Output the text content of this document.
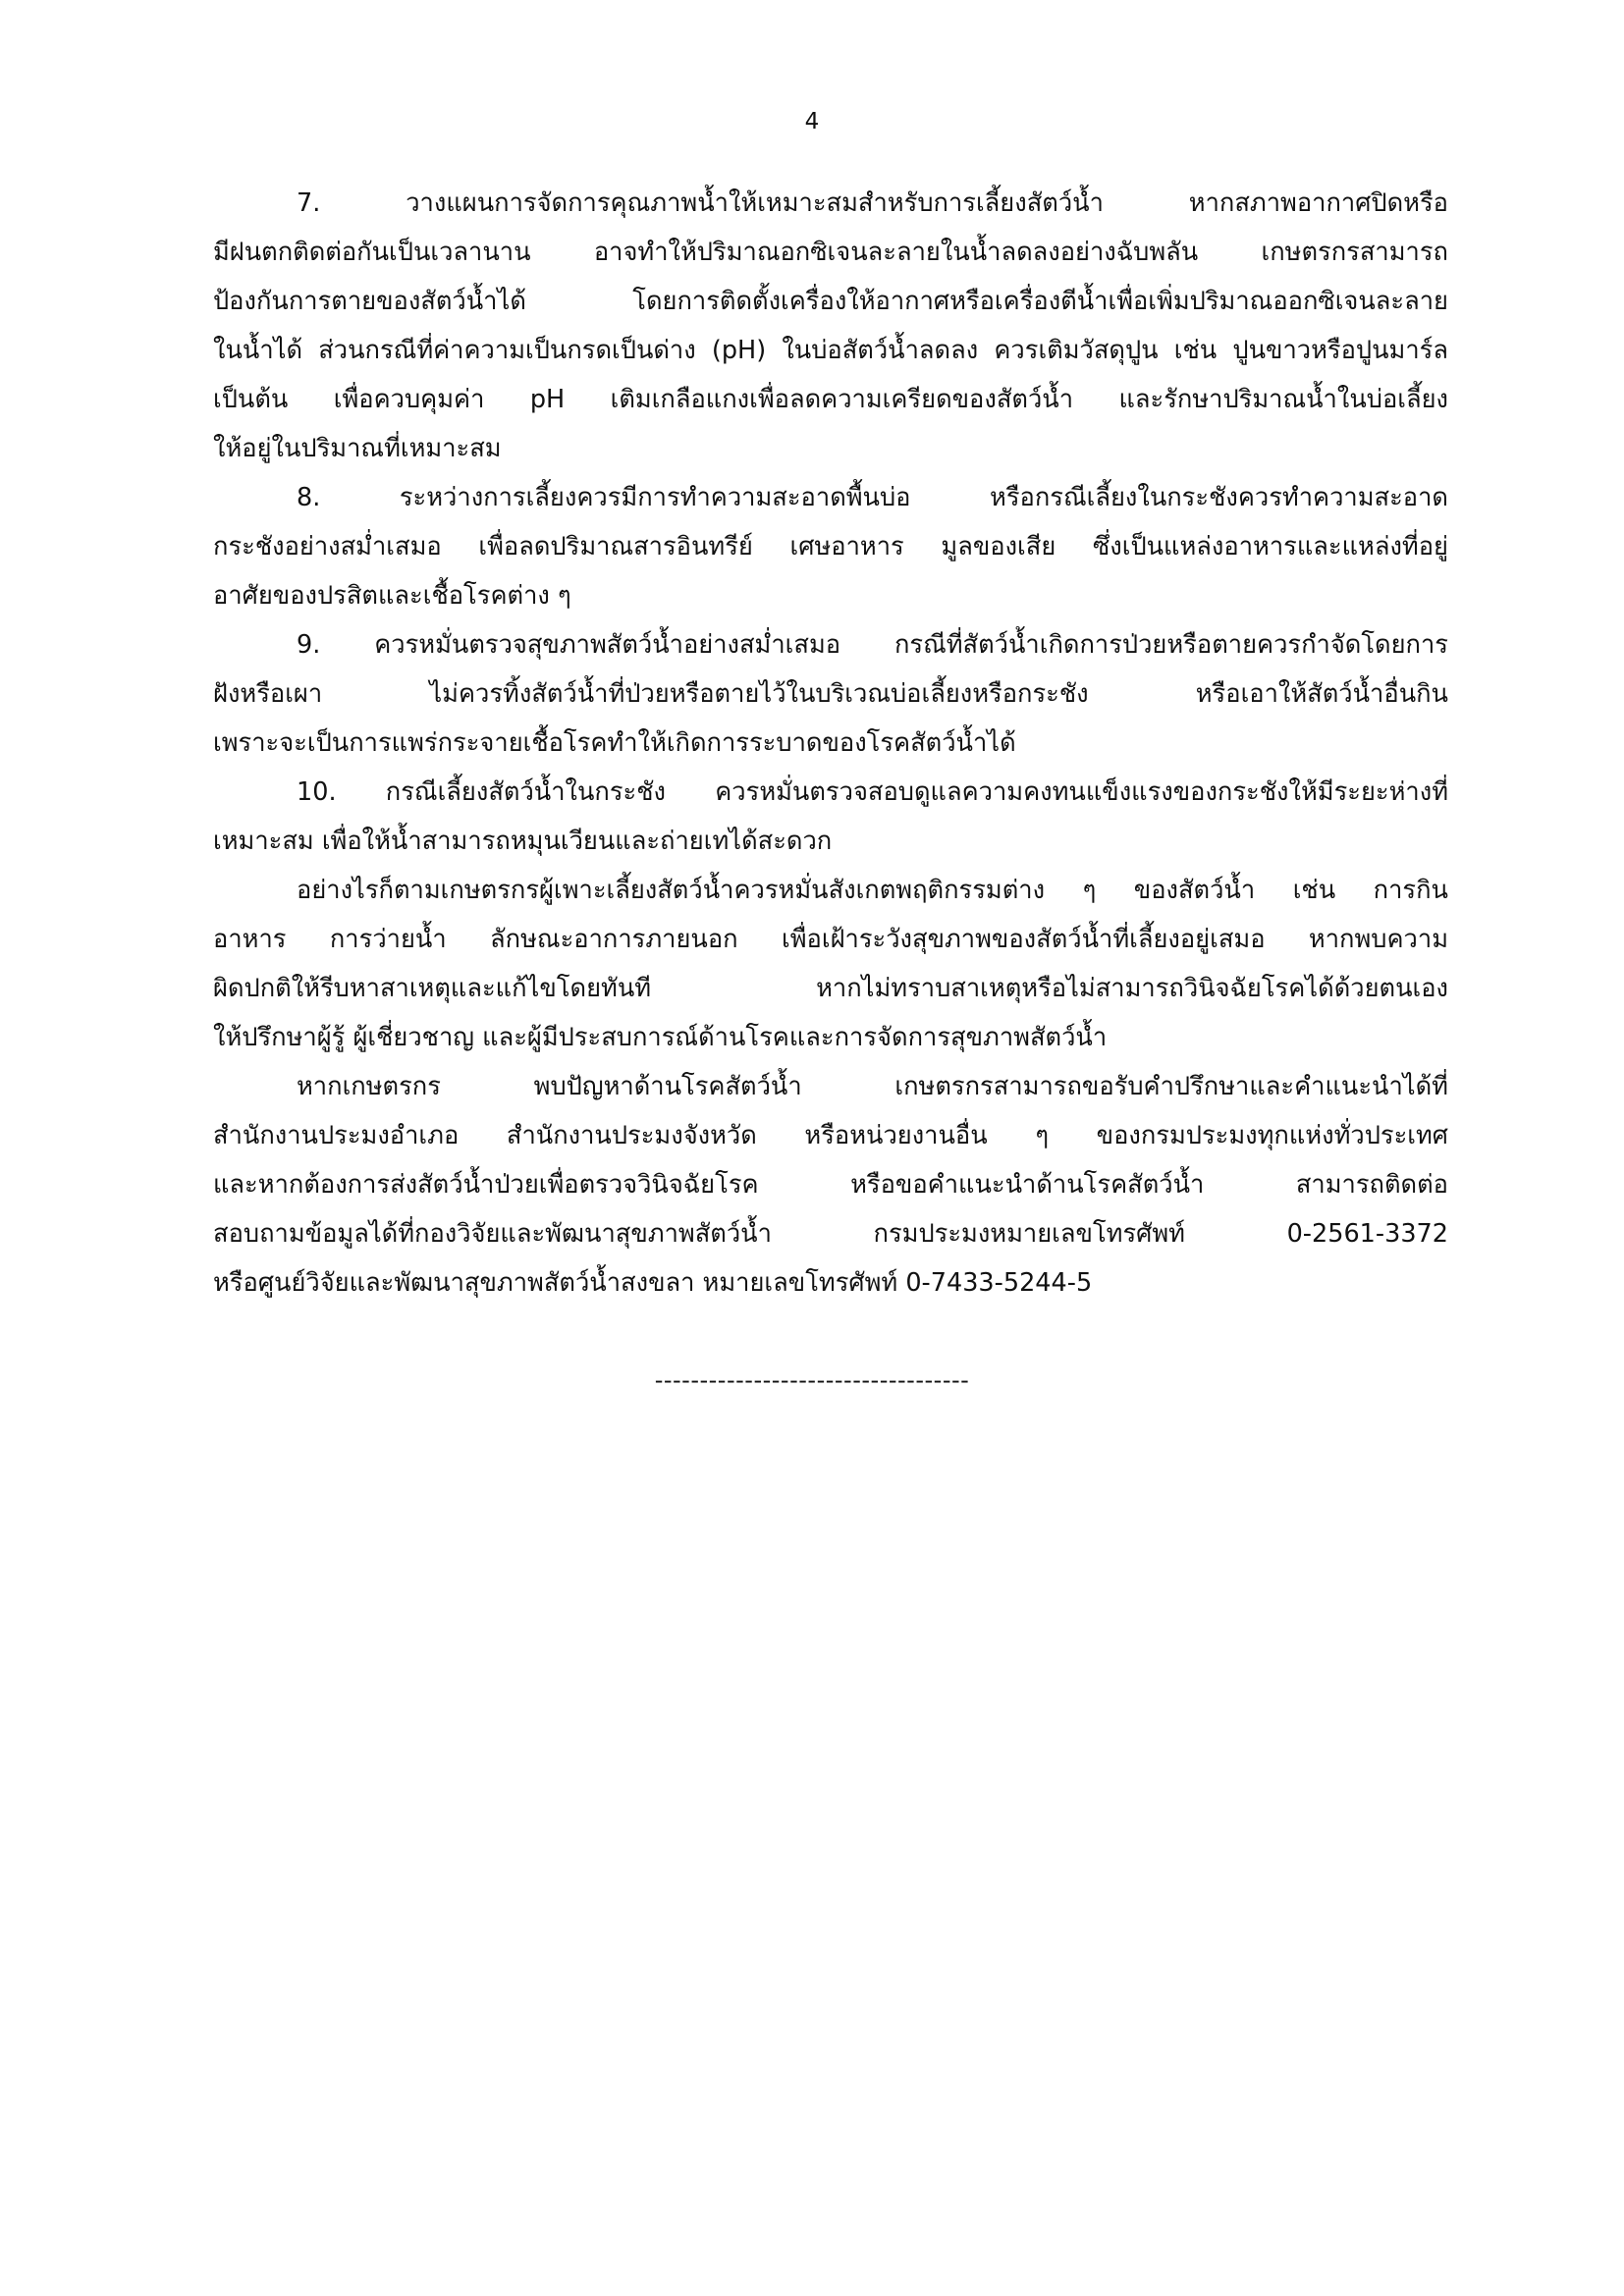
4
7. วางแผนการจัดการคุณภาพน้ำให้เหมาะสมสำหรับการเลี้ยงสัตว์น้ำ หากสภาพอากาศปิดหรือ
มีฝนตกติดต่อกันเป็นเวลานาน อาจทำให้ปริมาณอกซิเจนละลายในน้ำลดลงอย่างฉับพลัน เกษตรกรสามารถ
ป้องกันการตายของสัตว์น้ำได้ โดยการติดตั้งเครื่องให้อากาศหรือเครื่องตีน้ำเพื่อเพิ่มปริมาณออกซิเจนละลาย
ในน้ำได้ ส่วนกรณีที่ค่าความเป็นกรดเป็นด่าง (pH) ในบ่อสัตว์น้ำลดลง ควรเติมวัสดุปูน เช่น ปูนขาวหรือปูนมาร์ล
เป็นต้น เพื่อควบคุมค่า pH เติมเกลือแกงเพื่อลดความเครียดของสัตว์น้ำ และรักษาปริมาณน้ำในบ่อเลี้ยง
ให้อยู่ในปริมาณที่เหมาะสม
8. ระหว่างการเลี้ยงควรมีการทำความสะอาดพื้นบ่อ หรือกรณีเลี้ยงในกระชังควรทำความสะอาด
กระชังอย่างสม่ำเสมอ เพื่อลดปริมาณสารอินทรีย์ เศษอาหาร มูลของเสีย ซึ่งเป็นแหล่งอาหารและแหล่งที่อยู่
อาศัยของปรสิตและเชื้อโรคต่าง ๆ
9. ควรหมั่นตรวจสุขภาพสัตว์น้ำอย่างสม่ำเสมอ กรณีที่สัตว์น้ำเกิดการป่วยหรือตายควรกำจัดโดยการ
ฝังหรือเผา ไม่ควรทิ้งสัตว์น้ำที่ป่วยหรือตายไว้ในบริเวณบ่อเลี้ยงหรือกระชัง หรือเอาให้สัตว์น้ำอื่นกิน
เพราะจะเป็นการแพร่กระจายเชื้อโรคทำให้เกิดการระบาดของโรคสัตว์น้ำได้
10. กรณีเลี้ยงสัตว์น้ำในกระชัง ควรหมั่นตรวจสอบดูแลความคงทนแข็งแรงของกระชังให้มีระยะห่างที่
เหมาะสม เพื่อให้น้ำสามารถหมุนเวียนและถ่ายเทได้สะดวก
อย่างไรก็ตามเกษตรกรผู้เพาะเลี้ยงสัตว์น้ำควรหมั่นสังเกตพฤติกรรมต่าง ๆ ของสัตว์น้ำ เช่น การกิน
อาหาร การว่ายน้ำ ลักษณะอาการภายนอก เพื่อเฝ้าระวังสุขภาพของสัตว์น้ำที่เลี้ยงอยู่เสมอ หากพบความ
ผิดปกติให้รีบหาสาเหตุและแก้ไขโดยทันที หากไม่ทราบสาเหตุหรือไม่สามารถวินิจฉัยโรคได้ด้วยตนเอง
ให้ปรึกษาผู้รู้ ผู้เชี่ยวชาญ และผู้มีประสบการณ์ด้านโรคและการจัดการสุขภาพสัตว์น้ำ
หากเกษตรกร พบปัญหาด้านโรคสัตว์น้ำ เกษตรกรสามารถขอรับคำปรึกษาและคำแนะนำได้ที่
สำนักงานประมงอำเภอ สำนักงานประมงจังหวัด หรือหน่วยงานอื่น ๆ ของกรมประมงทุกแห่งทั่วประเทศ
และหากต้องการส่งสัตว์น้ำป่วยเพื่อตรวจวินิจฉัยโรค หรือขอคำแนะนำด้านโรคสัตว์น้ำ สามารถติดต่อ
สอบถามข้อมูลได้ที่กองวิจัยและพัฒนาสุขภาพสัตว์น้ำ กรมประมงหมายเลขโทรศัพท์ 0-2561-3372
หรือศูนย์วิจัยและพัฒนาสุขภาพสัตว์น้ำสงขลา หมายเลขโทรศัพท์ 0-7433-5244-5
-----------------------------------
